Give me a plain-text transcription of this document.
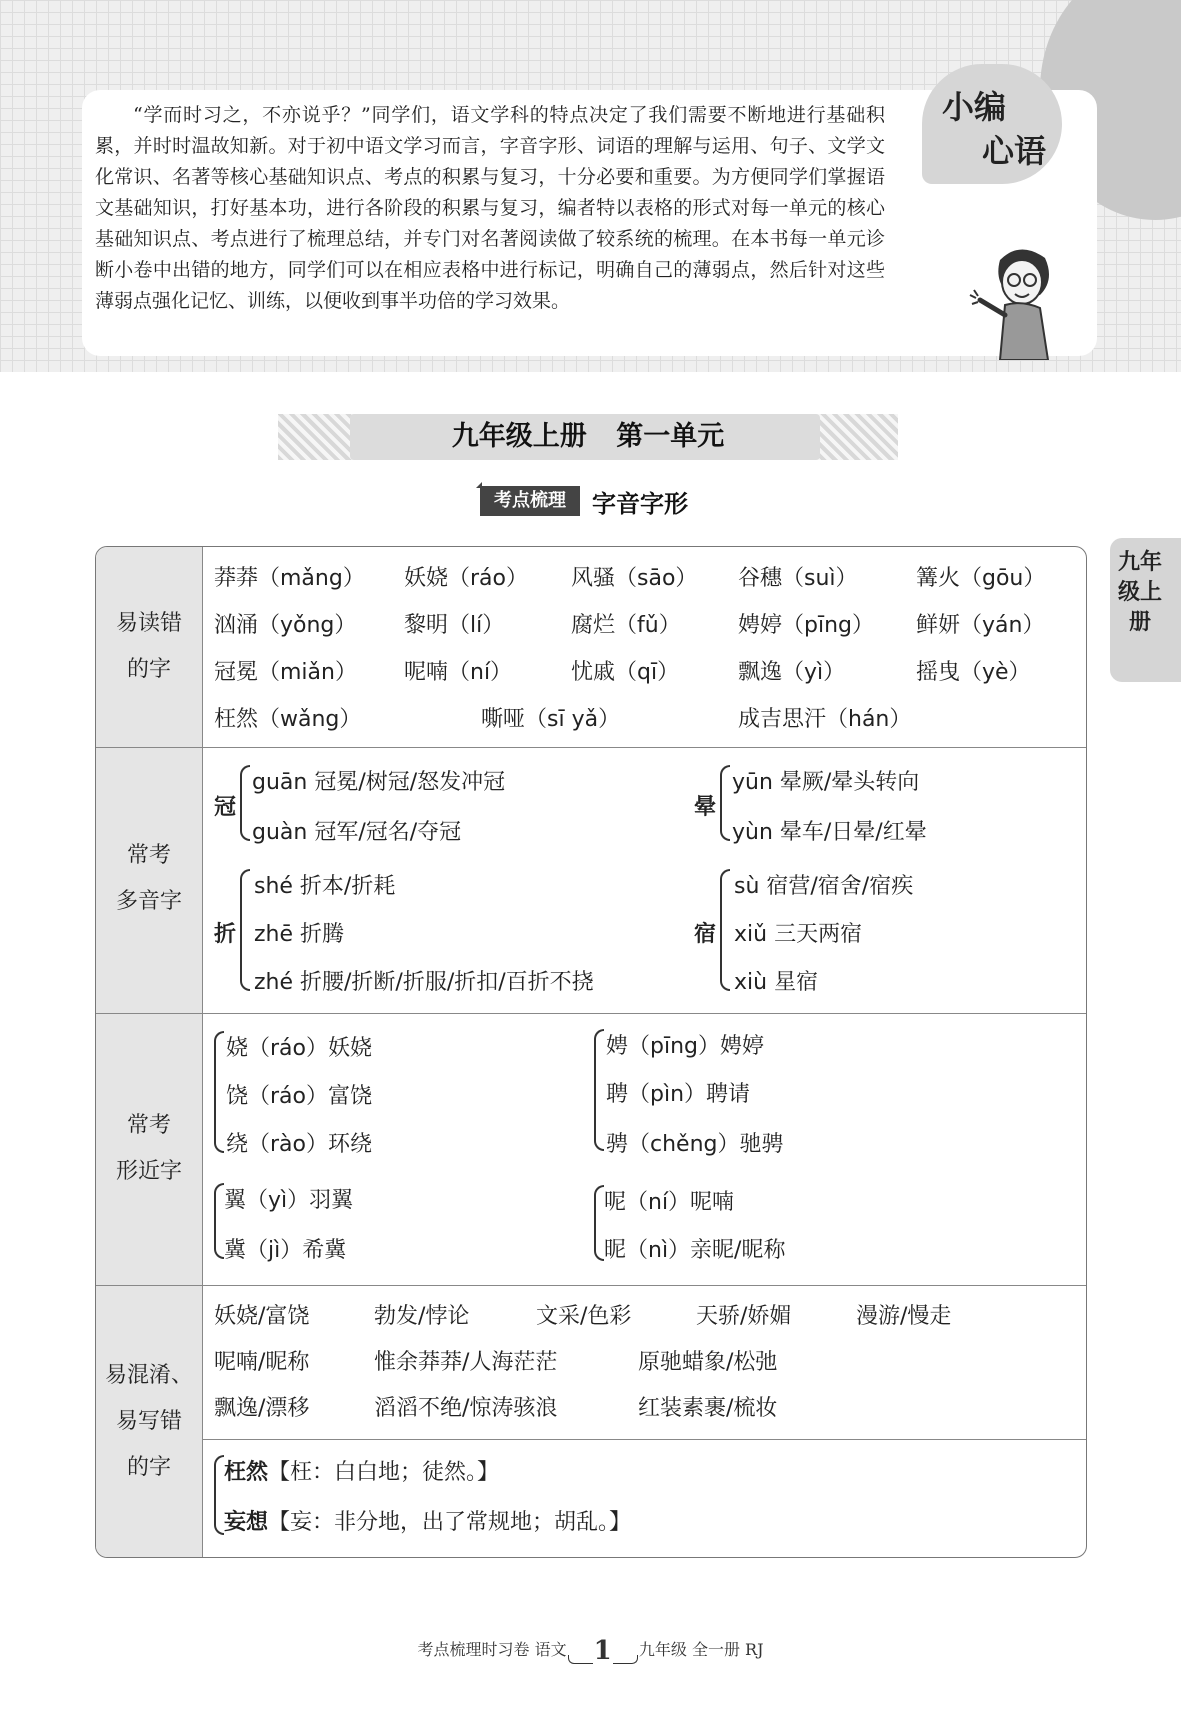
“学而时习之，不亦说乎？”同学们，语文学科的特点决定了我们需要不断地进行基础积累，并时时温故知新。对于初中语文学习而言，字音字形、词语的理解与运用、句子、文学文化常识、名著等核心基础知识点、考点的积累与复习，十分必要和重要。为方便同学们掌握语文基础知识，打好基本功，进行各阶段的积累与复习，编者特以表格的形式对每一单元的核心基础知识点、考点进行了梳理总结，并专门对名著阅读做了较系统的梳理。在本书每一单元诊断小卷中出错的地方，同学们可以在相应表格中进行标记，明确自己的薄弱点，然后针对这些薄弱点强化记忆、训练，以便收到事半功倍的学习效果。

小编
心语
九年级上册 第一单元
考点梳理	字音字形
九年级上册
易读错
的字
莽莽（mǎng） 妖娆（ráo） 风骚（sāo） 谷穗（suì）	篝火（gōu）
汹涌（yǒng） 黎明（lí）	腐烂（fǔ）	娉婷（pīng） 鲜妍（yán）
冠冕（miǎn） 呢喃（ní）	忧戚（qī）	飘逸（yì）	摇曳（yè）
枉然（wǎng）	嘶哑（sī yǎ）	成吉思汗（hán）
常考
多音字
冠
guān 冠冕/树冠/怒发冲冠
guàn 冠军/冠名/夺冠
晕
yūn 晕厥/晕头转向
yùn 晕车/日晕/红晕
折
shé 折本/折耗
zhē 折腾
zhé 折腰/折断/折服/折扣/百折不挠
宿
sù 宿营/宿舍/宿疾
xiǔ 三天两宿
xiù 星宿
常考
形近字
娆（ráo）妖娆
饶（ráo）富饶
绕（rào）环绕
娉（pīng）娉婷
聘（pìn）聘请
骋（chěng）驰骋
翼（yì）羽翼
冀（jì）希冀
呢（ní）呢喃
昵（nì）亲昵/昵称
易混淆、
易写错
的字
妖娆/富饶	勃发/悖论	文采/色彩	天骄/娇媚	漫游/慢走
呢喃/昵称	惟余莽莽/人海茫茫	原驰蜡象/松弛
飘逸/漂移	滔滔不绝/惊涛骇浪	红装素裹/梳妆
枉然【枉：白白地；徒然。】
妄想【妄：非分地，出了常规地；胡乱。】
考点梳理时习卷 语文 1 九年级 全一册 RJ
